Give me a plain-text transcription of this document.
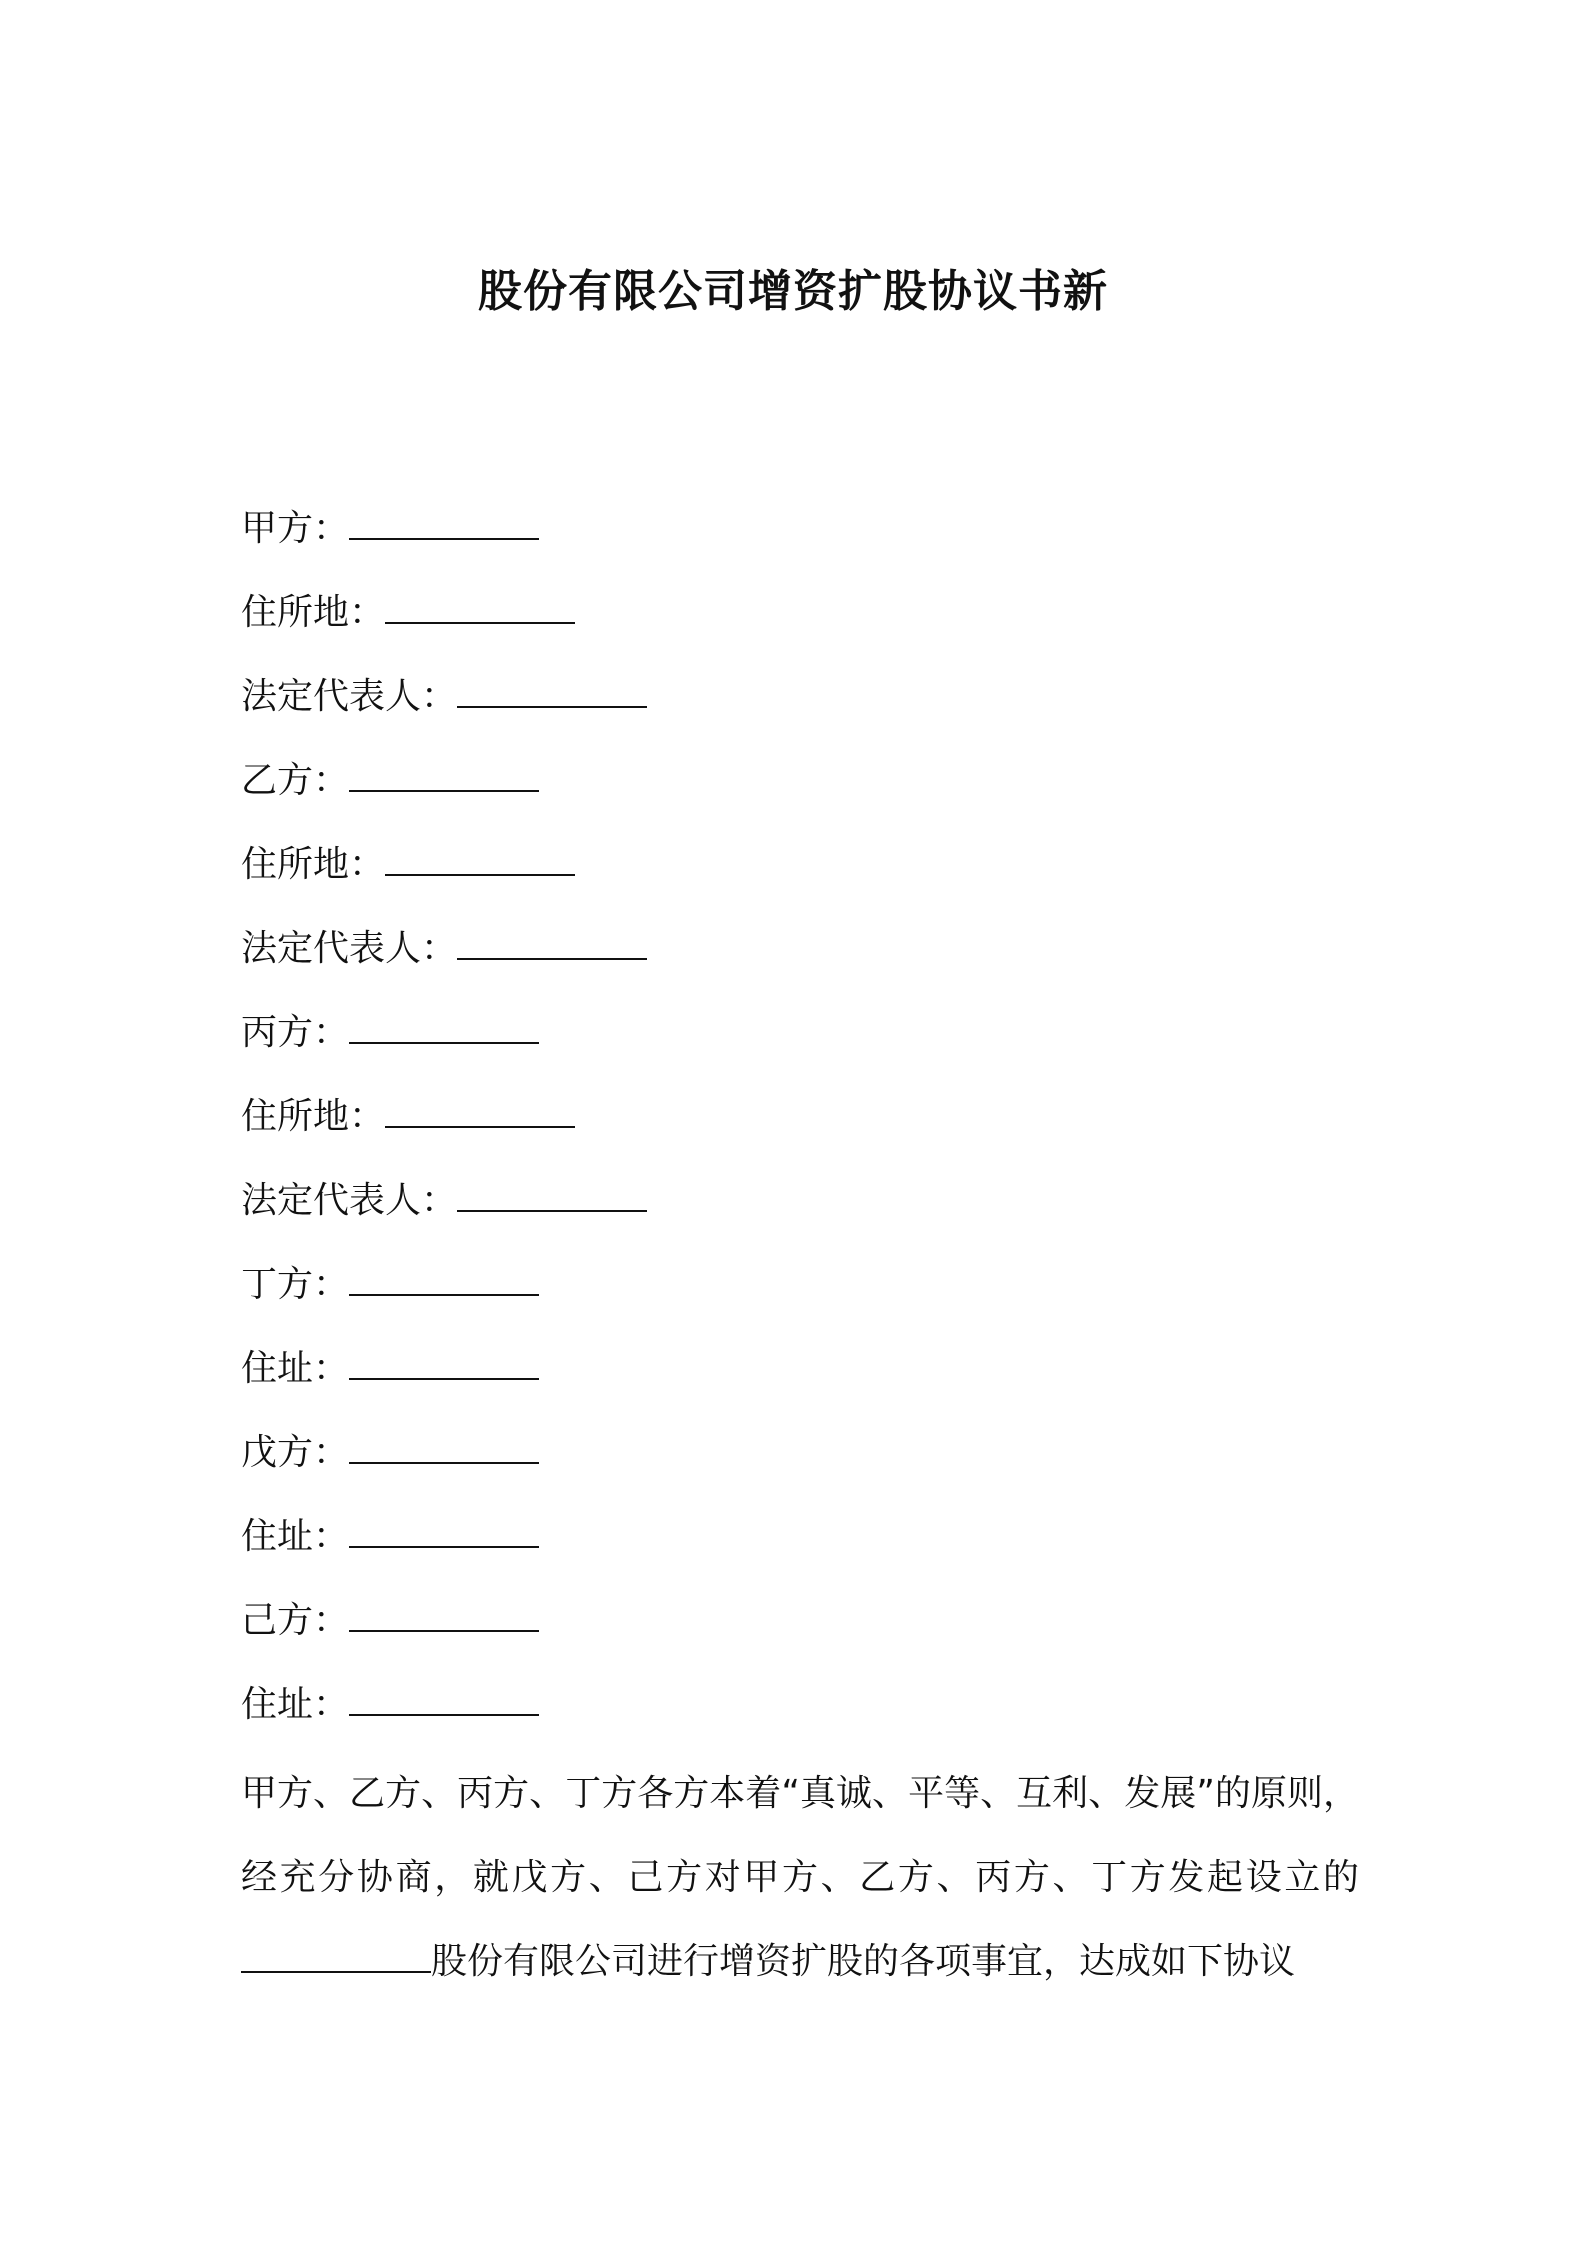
股份有限公司增资扩股协议书新
甲方：
住所地：
法定代表人：
乙方：
住所地：
法定代表人：
丙方：
住所地：
法定代表人：
丁方：
住址：
戊方：
住址：
己方：
住址：
甲方、乙方、丙方、丁方各方本着“真诚、平等、互利、发展”的原则，经充分协商，就戊方、己方对甲方、乙方、丙方、丁方发起设立的股份有限公司进行增资扩股的各项事宜，达成如下协议
